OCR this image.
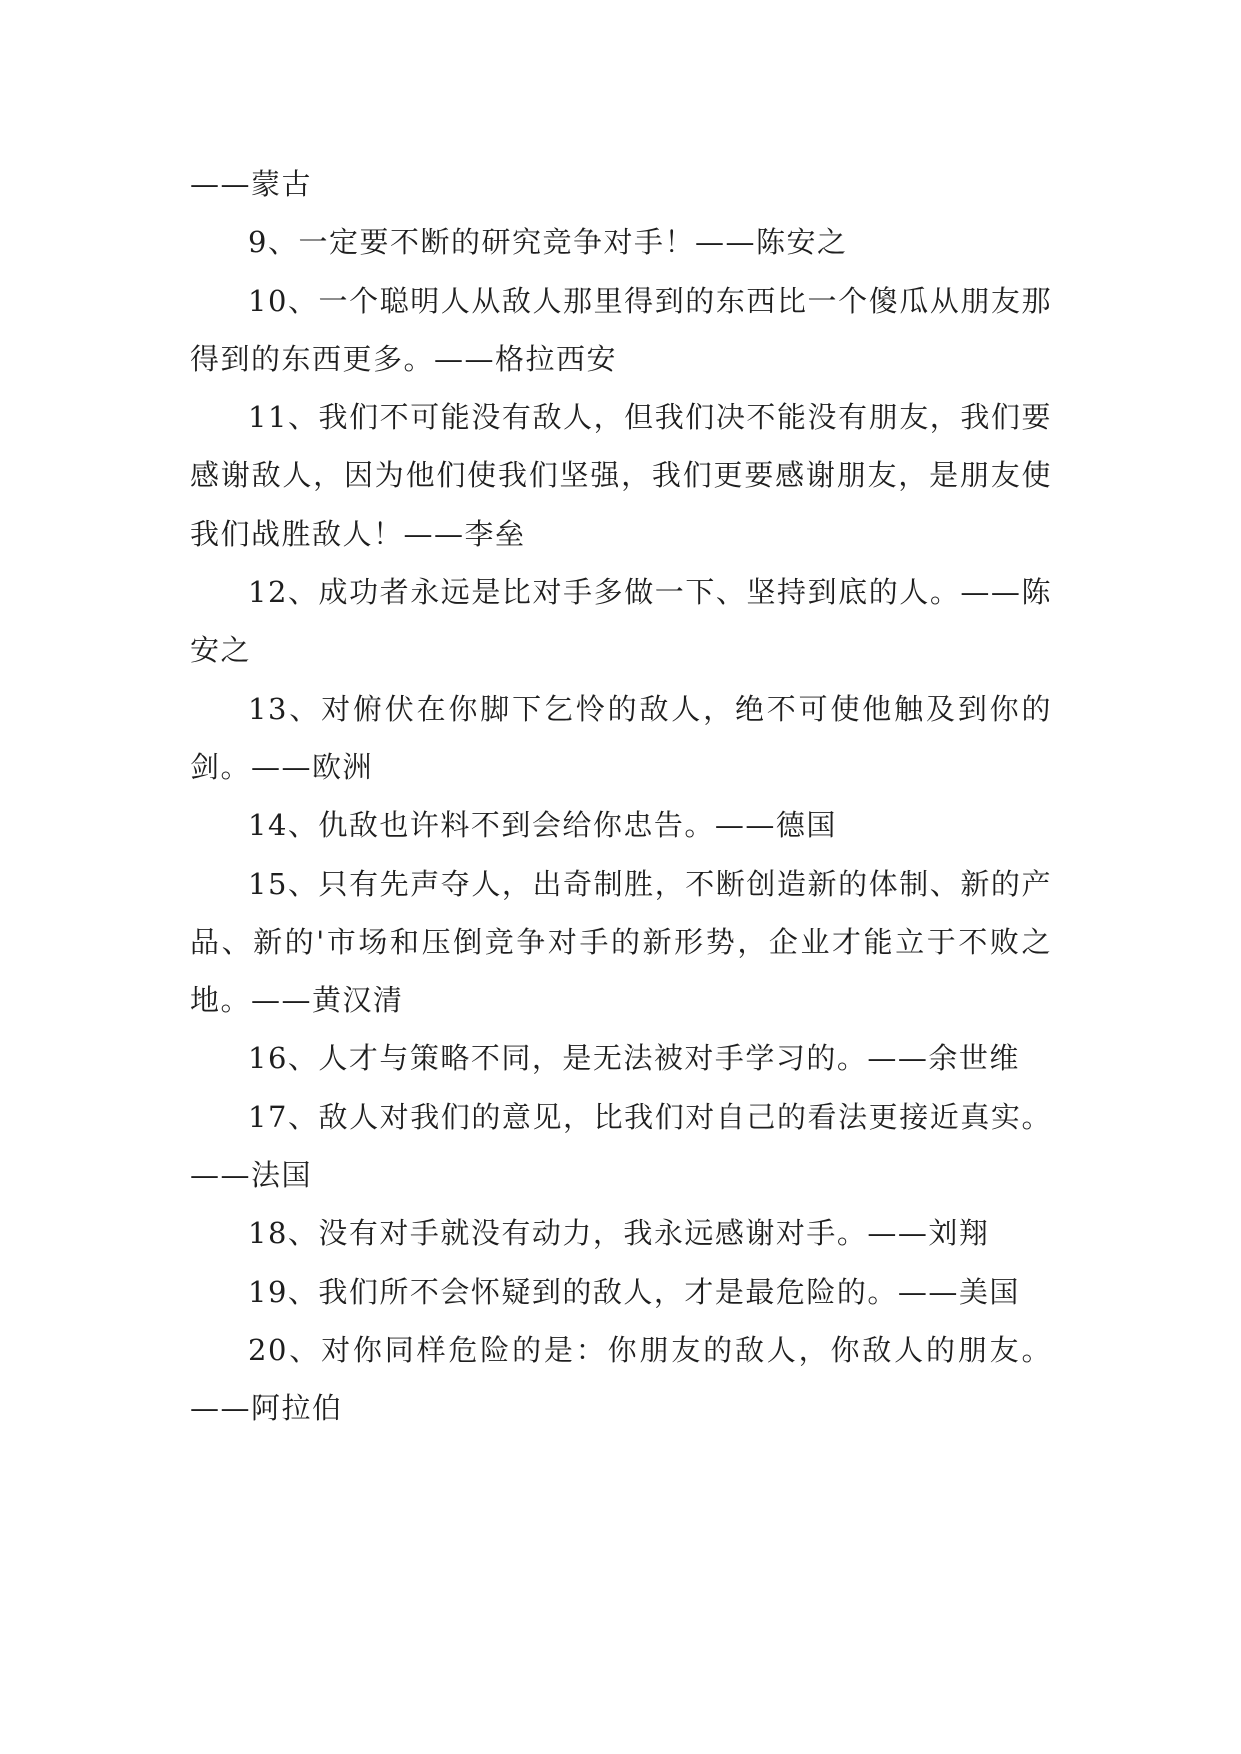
——蒙古

9、一定要不断的研究竞争对手！——陈安之

10、一个聪明人从敌人那里得到的东西比一个傻瓜从朋友那得到的东西更多。——格拉西安

11、我们不可能没有敌人，但我们决不能没有朋友，我们要感谢敌人，因为他们使我们坚强，我们更要感谢朋友，是朋友使我们战胜敌人！——李垒

12、成功者永远是比对手多做一下、坚持到底的人。——陈安之

13、对俯伏在你脚下乞怜的敌人，绝不可使他触及到你的剑。——欧洲

14、仇敌也许料不到会给你忠告。——德国

15、只有先声夺人，出奇制胜，不断创造新的体制、新的产品、新的'市场和压倒竞争对手的新形势，企业才能立于不败之地。——黄汉清

16、人才与策略不同，是无法被对手学习的。——余世维

17、敌人对我们的意见，比我们对自己的看法更接近真实。——法国

18、没有对手就没有动力，我永远感谢对手。——刘翔

19、我们所不会怀疑到的敌人，才是最危险的。——美国

20、对你同样危险的是：你朋友的敌人，你敌人的朋友。——阿拉伯
